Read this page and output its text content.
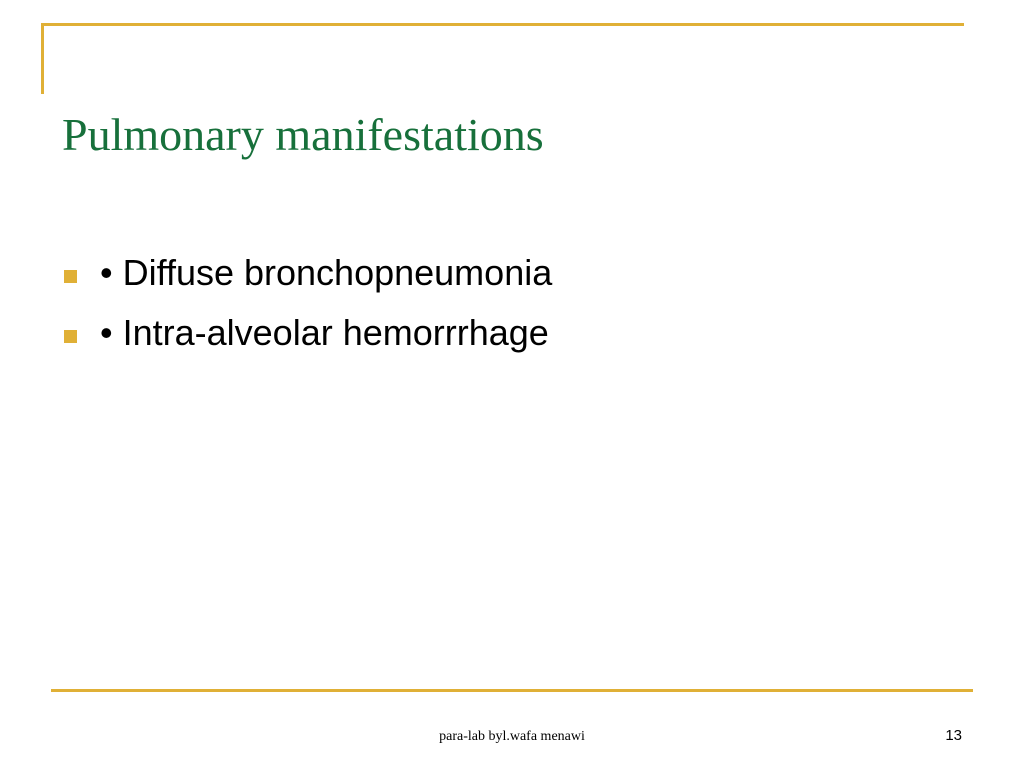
Pulmonary manifestations
• Diffuse bronchopneumonia
• Intra-alveolar hemorrrhage
para-lab byl.wafa menawi	13
